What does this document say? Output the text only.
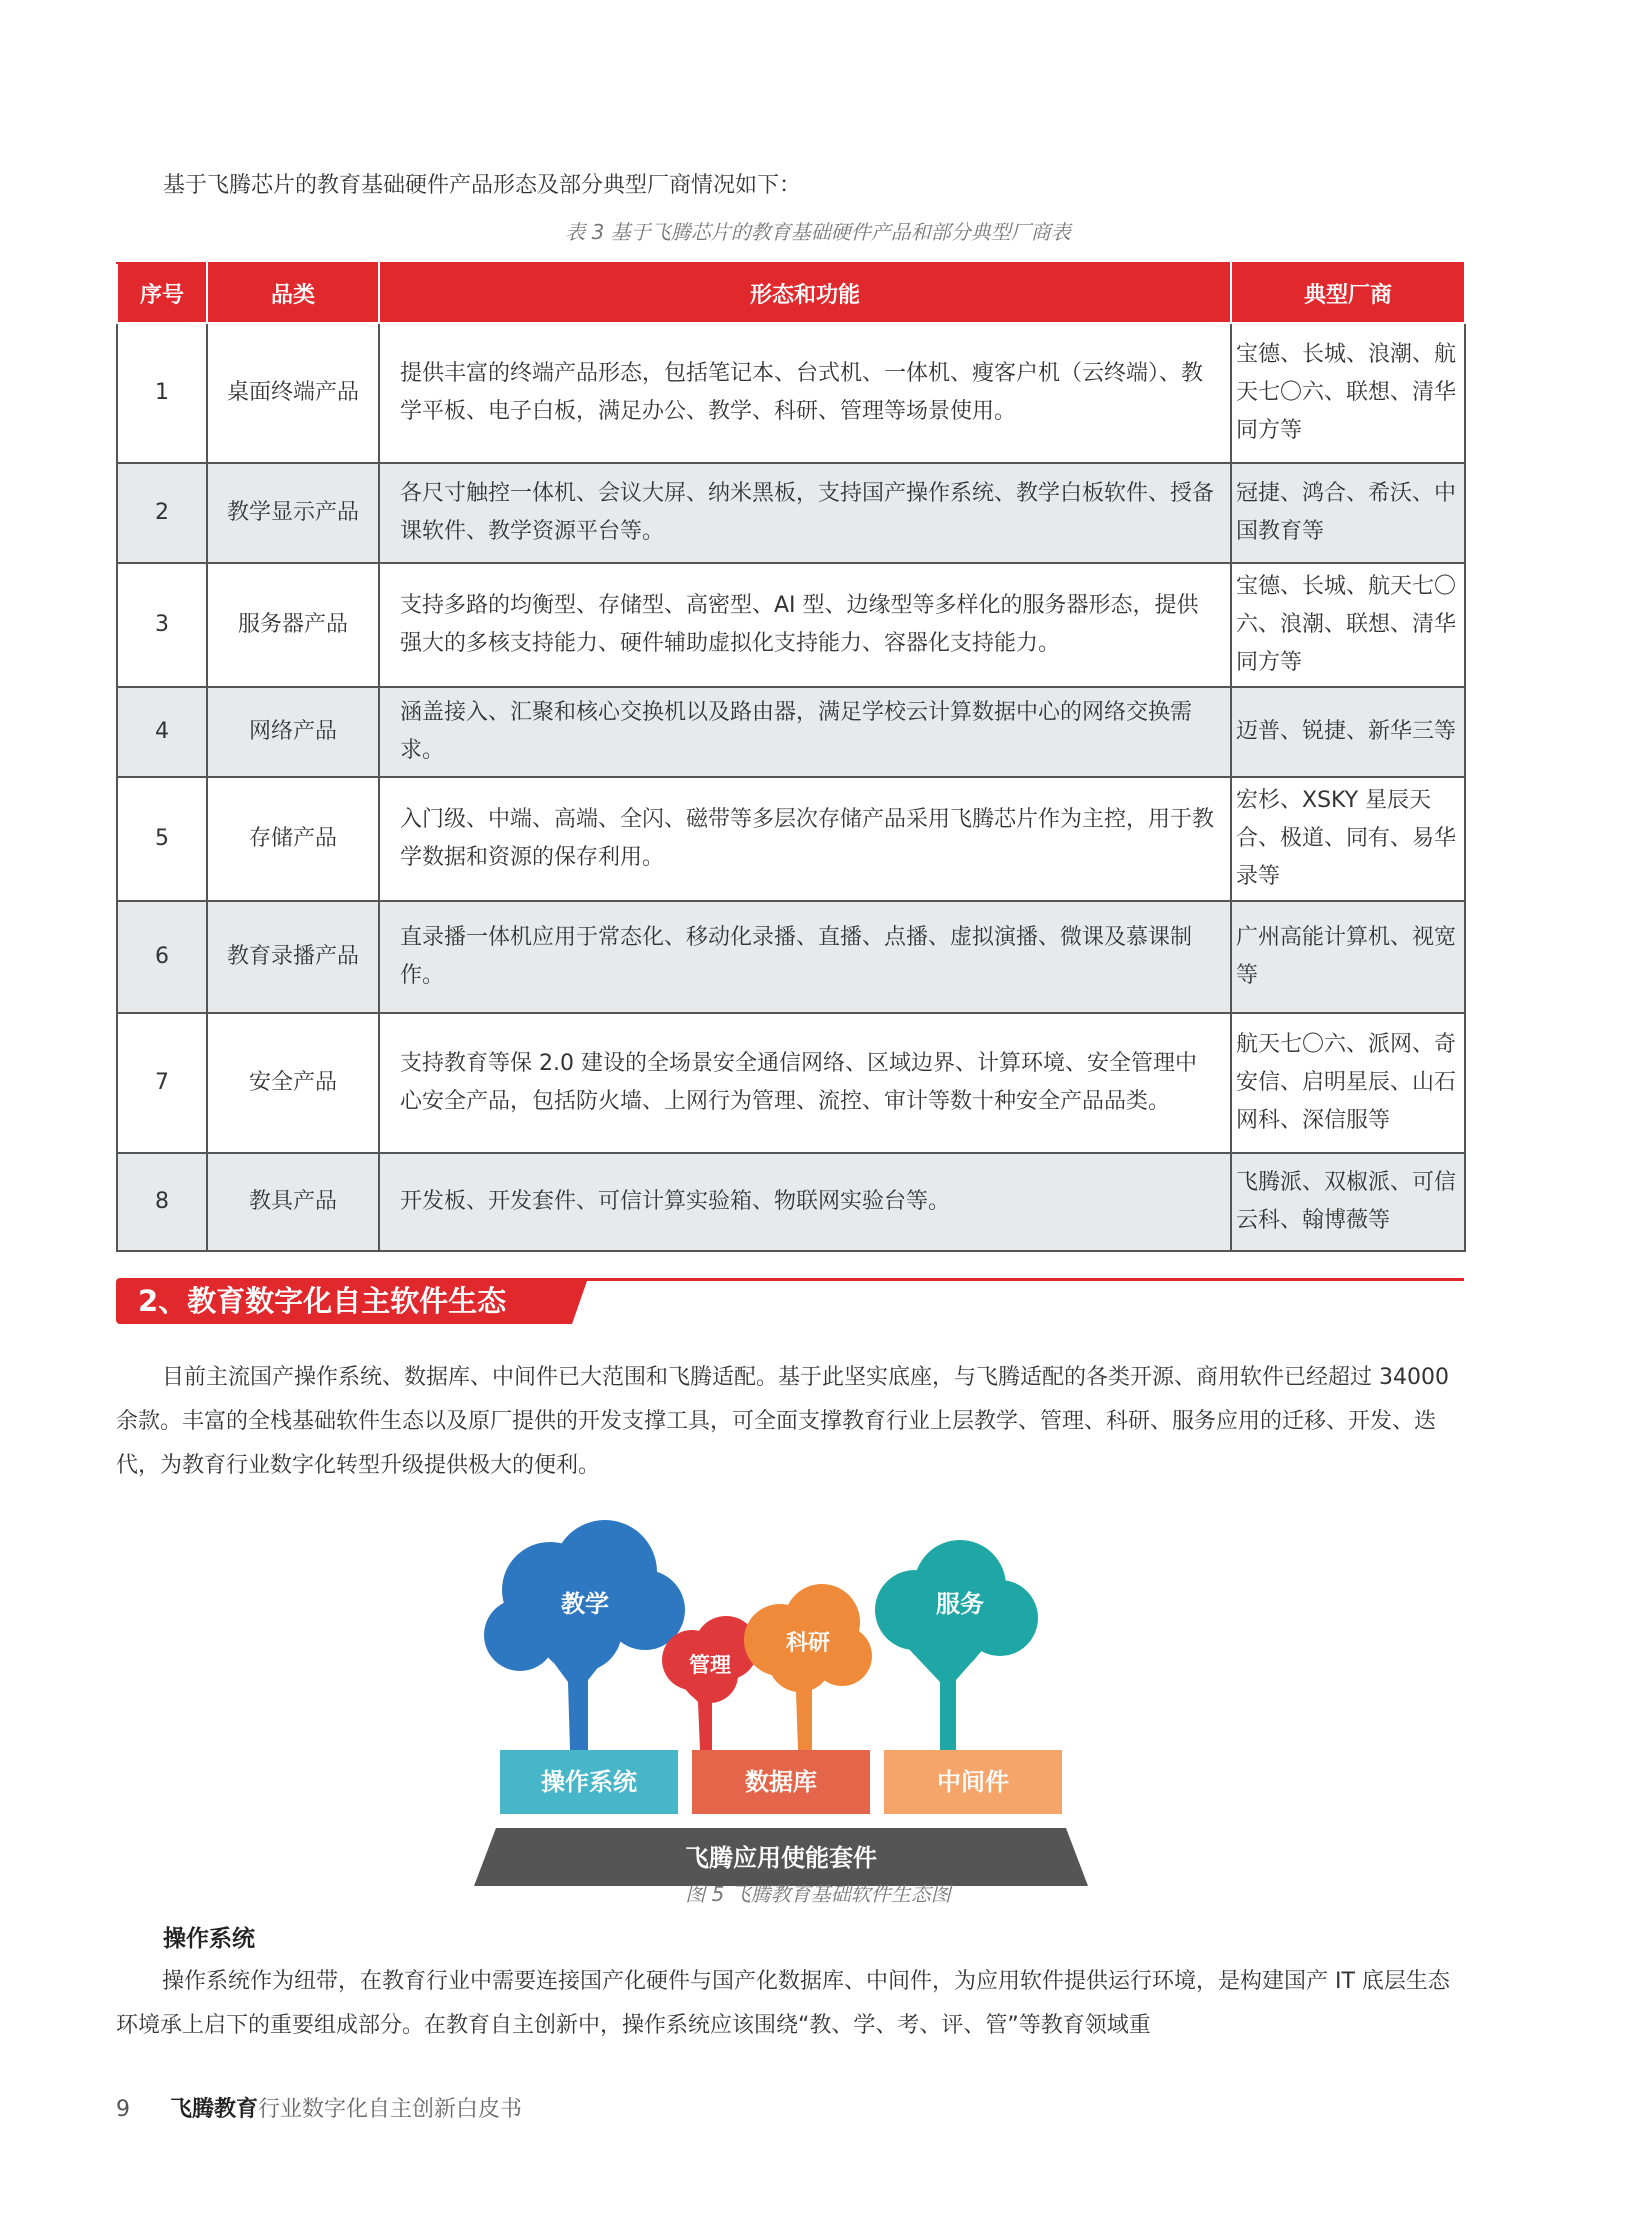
基于飞腾芯片的教育基础硬件产品形态及部分典型厂商情况如下：
表 3 基于飞腾芯片的教育基础硬件产品和部分典型厂商表
序号	品类	形态和功能	典型厂商
1	桌面终端产品	提供丰富的终端产品形态，包括笔记本、台式机、一体机、瘦客户机（云终端）、教学平板、电子白板，满足办公、教学、科研、管理等场景使用。	宝德、长城、浪潮、航天七〇六、联想、清华同方等
2	教学显示产品	各尺寸触控一体机、会议大屏、纳米黑板，支持国产操作系统、教学白板软件、授备课软件、教学资源平台等。	冠捷、鸿合、希沃、中国教育等
3	服务器产品	支持多路的均衡型、存储型、高密型、AI 型、边缘型等多样化的服务器形态，提供强大的多核支持能力、硬件辅助虚拟化支持能力、容器化支持能力。	宝德、长城、航天七〇六、浪潮、联想、清华同方等
4	网络产品	涵盖接入、汇聚和核心交换机以及路由器，满足学校云计算数据中心的网络交换需求。	迈普、锐捷、新华三等
5	存储产品	入门级、中端、高端、全闪、磁带等多层次存储产品采用飞腾芯片作为主控，用于教学数据和资源的保存利用。	宏杉、XSKY 星辰天合、极道、同有、易华录等
6	教育录播产品	直录播一体机应用于常态化、移动化录播、直播、点播、虚拟演播、微课及慕课制作。	广州高能计算机、视宽等
7	安全产品	支持教育等保 2.0 建设的全场景安全通信网络、区域边界、计算环境、安全管理中心安全产品，包括防火墙、上网行为管理、流控、审计等数十种安全产品品类。	航天七〇六、派网、奇安信、启明星辰、山石网科、深信服等
8	教具产品	开发板、开发套件、可信计算实验箱、物联网实验台等。	飞腾派、双椒派、可信云科、翰博薇等
2、教育数字化自主软件生态
目前主流国产操作系统、数据库、中间件已大范围和飞腾适配。基于此坚实底座，与飞腾适配的各类开源、商用软件已经超过 34000 余款。丰富的全栈基础软件生态以及原厂提供的开发支撑工具，可全面支撑教育行业上层教学、管理、科研、服务应用的迁移、开发、迭代，为教育行业数字化转型升级提供极大的便利。
教学
管理
科研
服务
操作系统	数据库	中间件
飞腾应用使能套件
图 5 飞腾教育基础软件生态图
操作系统
操作系统作为纽带，在教育行业中需要连接国产化硬件与国产化数据库、中间件，为应用软件提供运行环境，是构建国产 IT 底层生态环境承上启下的重要组成部分。在教育自主创新中，操作系统应该围绕“教、学、考、评、管”等教育领域重
9 飞腾教育行业数字化自主创新白皮书
